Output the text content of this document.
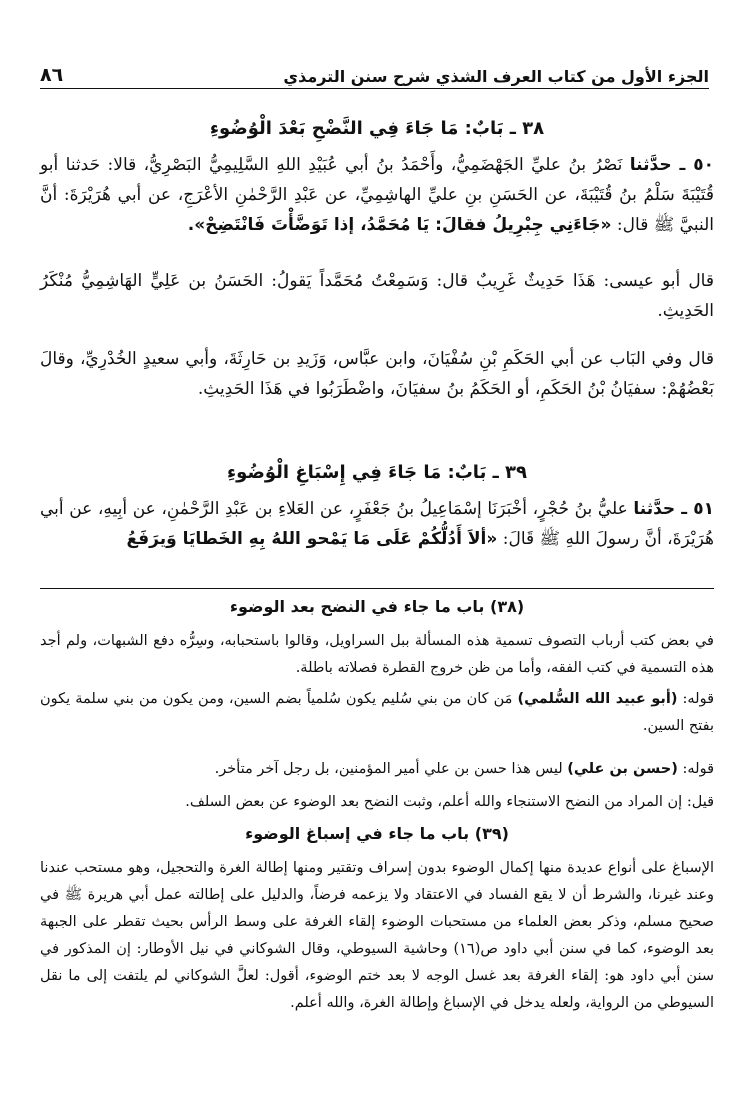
الجزء الأول من كتاب العرف الشذي شرح سنن الترمذي
٨٦
٣٨ ـ بَابٌ: مَا جَاءَ فِي النَّضْحِ بَعْدَ الْوُضُوءِ

٥٠ ـ حدَّثنا نَصْرُ بنُ عليِّ الجَهْضَمِيُّ، وأَحْمَدُ بنُ أبي عُبَيْدِ اللهِ السَّلِيمِيُّ البَصْرِيُّ، قالا: حَدثنا أبو قُتَيْبَةَ سَلْمُ بنُ قُتَيْبَةَ، عن الحَسَنِ بنِ عليِّ الهاشِمِيِّ، عن عَبْدِ الرَّحْمٰنِ الأعْرَجِ، عن أبي هُرَيْرَةَ: أنَّ النبيَّ ﷺ قال: «جَاءَنِي جِبْرِيلُ فقالَ: يَا مُحَمَّدُ، إذا تَوَضَّأْتَ فَانْتَضِحْ».

قال أبو عيسى: هَذَا حَدِيثٌ غَرِيبٌ قال: وَسَمِعْتُ مُحَمَّداً يَقولُ: الحَسَنُ بن عَلِيٍّ الهَاشِمِيُّ مُنْكَرُ الحَدِيثِ.

قال وفي البَاب عن أبي الحَكَمِ بْنِ سُفْيَانَ، وابن عبَّاس، وَزَيدِ بن حَارِثَةَ، وأبي سعيدٍ الخُدْرِيِّ، وقالَ بَعْضُهُمْ: سفيَانُ بْنُ الحَكَمِ، أو الحَكَمُ بنُ سفيَانَ، واضْطَرَبُوا في هَذَا الحَدِيثِ.

٣٩ ـ بَابٌ: مَا جَاءَ فِي إِسْبَاغِ الْوُضُوءِ

٥١ ـ حدَّثنا عليُّ بنُ حُجْرٍ، أخْبَرَنَا إسْمَاعِيلُ بنُ جَعْفَرٍ، عن العَلاءِ بن عَبْدِ الرَّحْمٰنِ، عن أبِيهِ، عن أبي هُرَيْرَةَ، أنَّ رسولَ اللهِ ﷺ قَالَ: «ألاَ أَدُلُّكُمْ عَلَى مَا يَمْحو اللهُ بِهِ الخَطايَا وَيرَفَعُ

(٣٨) باب ما جاء في النضح بعد الوضوء

في بعض كتب أرباب التصوف تسمية هذه المسألة ببل السراويل، وقالوا باستحبابه، وسِرُّه دفع الشبهات، ولم أجد هذه التسمية في كتب الفقه، وأما من ظن خروج القطرة فصلاته باطلة.

قوله: (أبو عبيد الله السُّلمي) مَن كان من بني سُليم يكون سُلمياً بضم السين، ومن يكون من بني سلمة يكون بفتح السين.

قوله: (حسن بن علي) ليس هذا حسن بن علي أمير المؤمنين، بل رجل آخر متأخر.

قيل: إن المراد من النضح الاستنجاء والله أعلم، وثبت النضح بعد الوضوء عن بعض السلف.

(٣٩) باب ما جاء في إسباغ الوضوء

الإسباغ على أنواع عديدة منها إكمال الوضوء بدون إسراف وتقتير ومنها إطالة الغرة والتحجيل، وهو مستحب عندنا وعند غيرنا، والشرط أن لا يقع الفساد في الاعتقاد ولا يزعمه فرضاً، والدليل على إطالته عمل أبي هريرة ﷺ في صحيح مسلم، وذكر بعض العلماء من مستحبات الوضوء إلقاء الغرفة على وسط الرأس بحيث تقطر على الجبهة بعد الوضوء، كما في سنن أبي داود ص(١٦) وحاشية السيوطي، وقال الشوكاني في نيل الأوطار: إن المذكور في سنن أبي داود هو: إلقاء الغرفة بعد غسل الوجه لا بعد ختم الوضوء، أقول: لعلَّ الشوكاني لم يلتفت إلى ما نقل السيوطي من الرواية، ولعله يدخل في الإسباغ وإطالة الغرة، والله أعلم.
